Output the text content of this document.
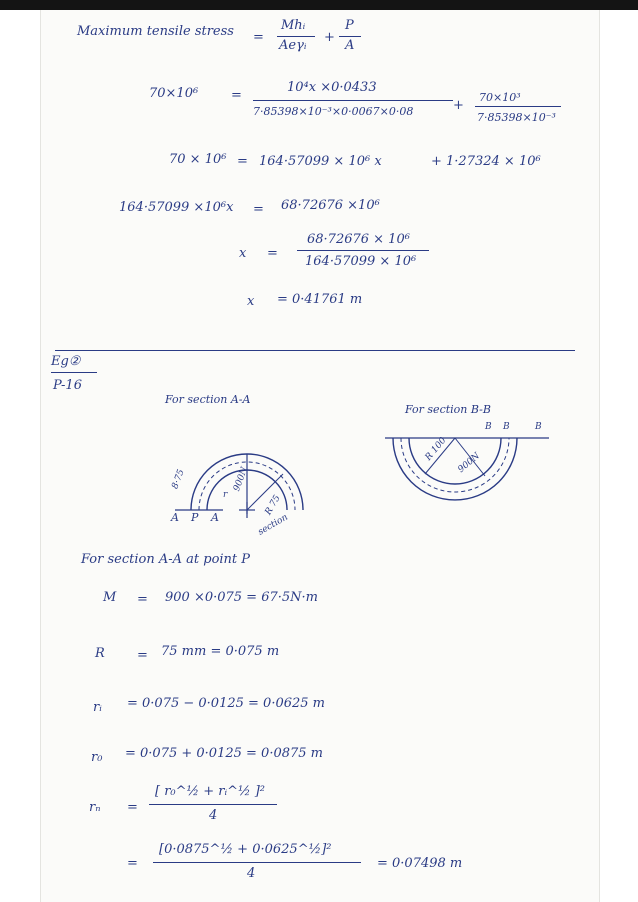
Maximum tensile stress =
Mhᵢ
Aeγᵢ
+
P
A
70×10⁶	=
10⁴x ×0·0433
7·85398×10⁻³×0·0067×0·08	+
70×10³
7·85398×10⁻³
70 × 10⁶ = 164·57099 × 10⁶ x	+ 1·27324 × 10⁶
164·57099 ×10⁶x = 68·72676 ×10⁶
x =
68·72676 × 10⁶
164·57099 × 10⁶
x = 0·41761 m
Eg②
P-16
For section A-A
8·75	900N
R 75
r
section
A P A
For section B-B
R 100
900N
B B	B
For section A-A at point P
M = 900 ×0·075 = 67·5N·m
R = 75 mm = 0·075 m
rᵢ = 0·075 − 0·0125 = 0·0625 m
r₀ = 0·075 + 0·0125 = 0·0875 m
rₙ =
[ r₀^½ + rᵢ^½ ]²
4
=
[0·0875^½ + 0·0625^½]²
4
= 0·07498 m
